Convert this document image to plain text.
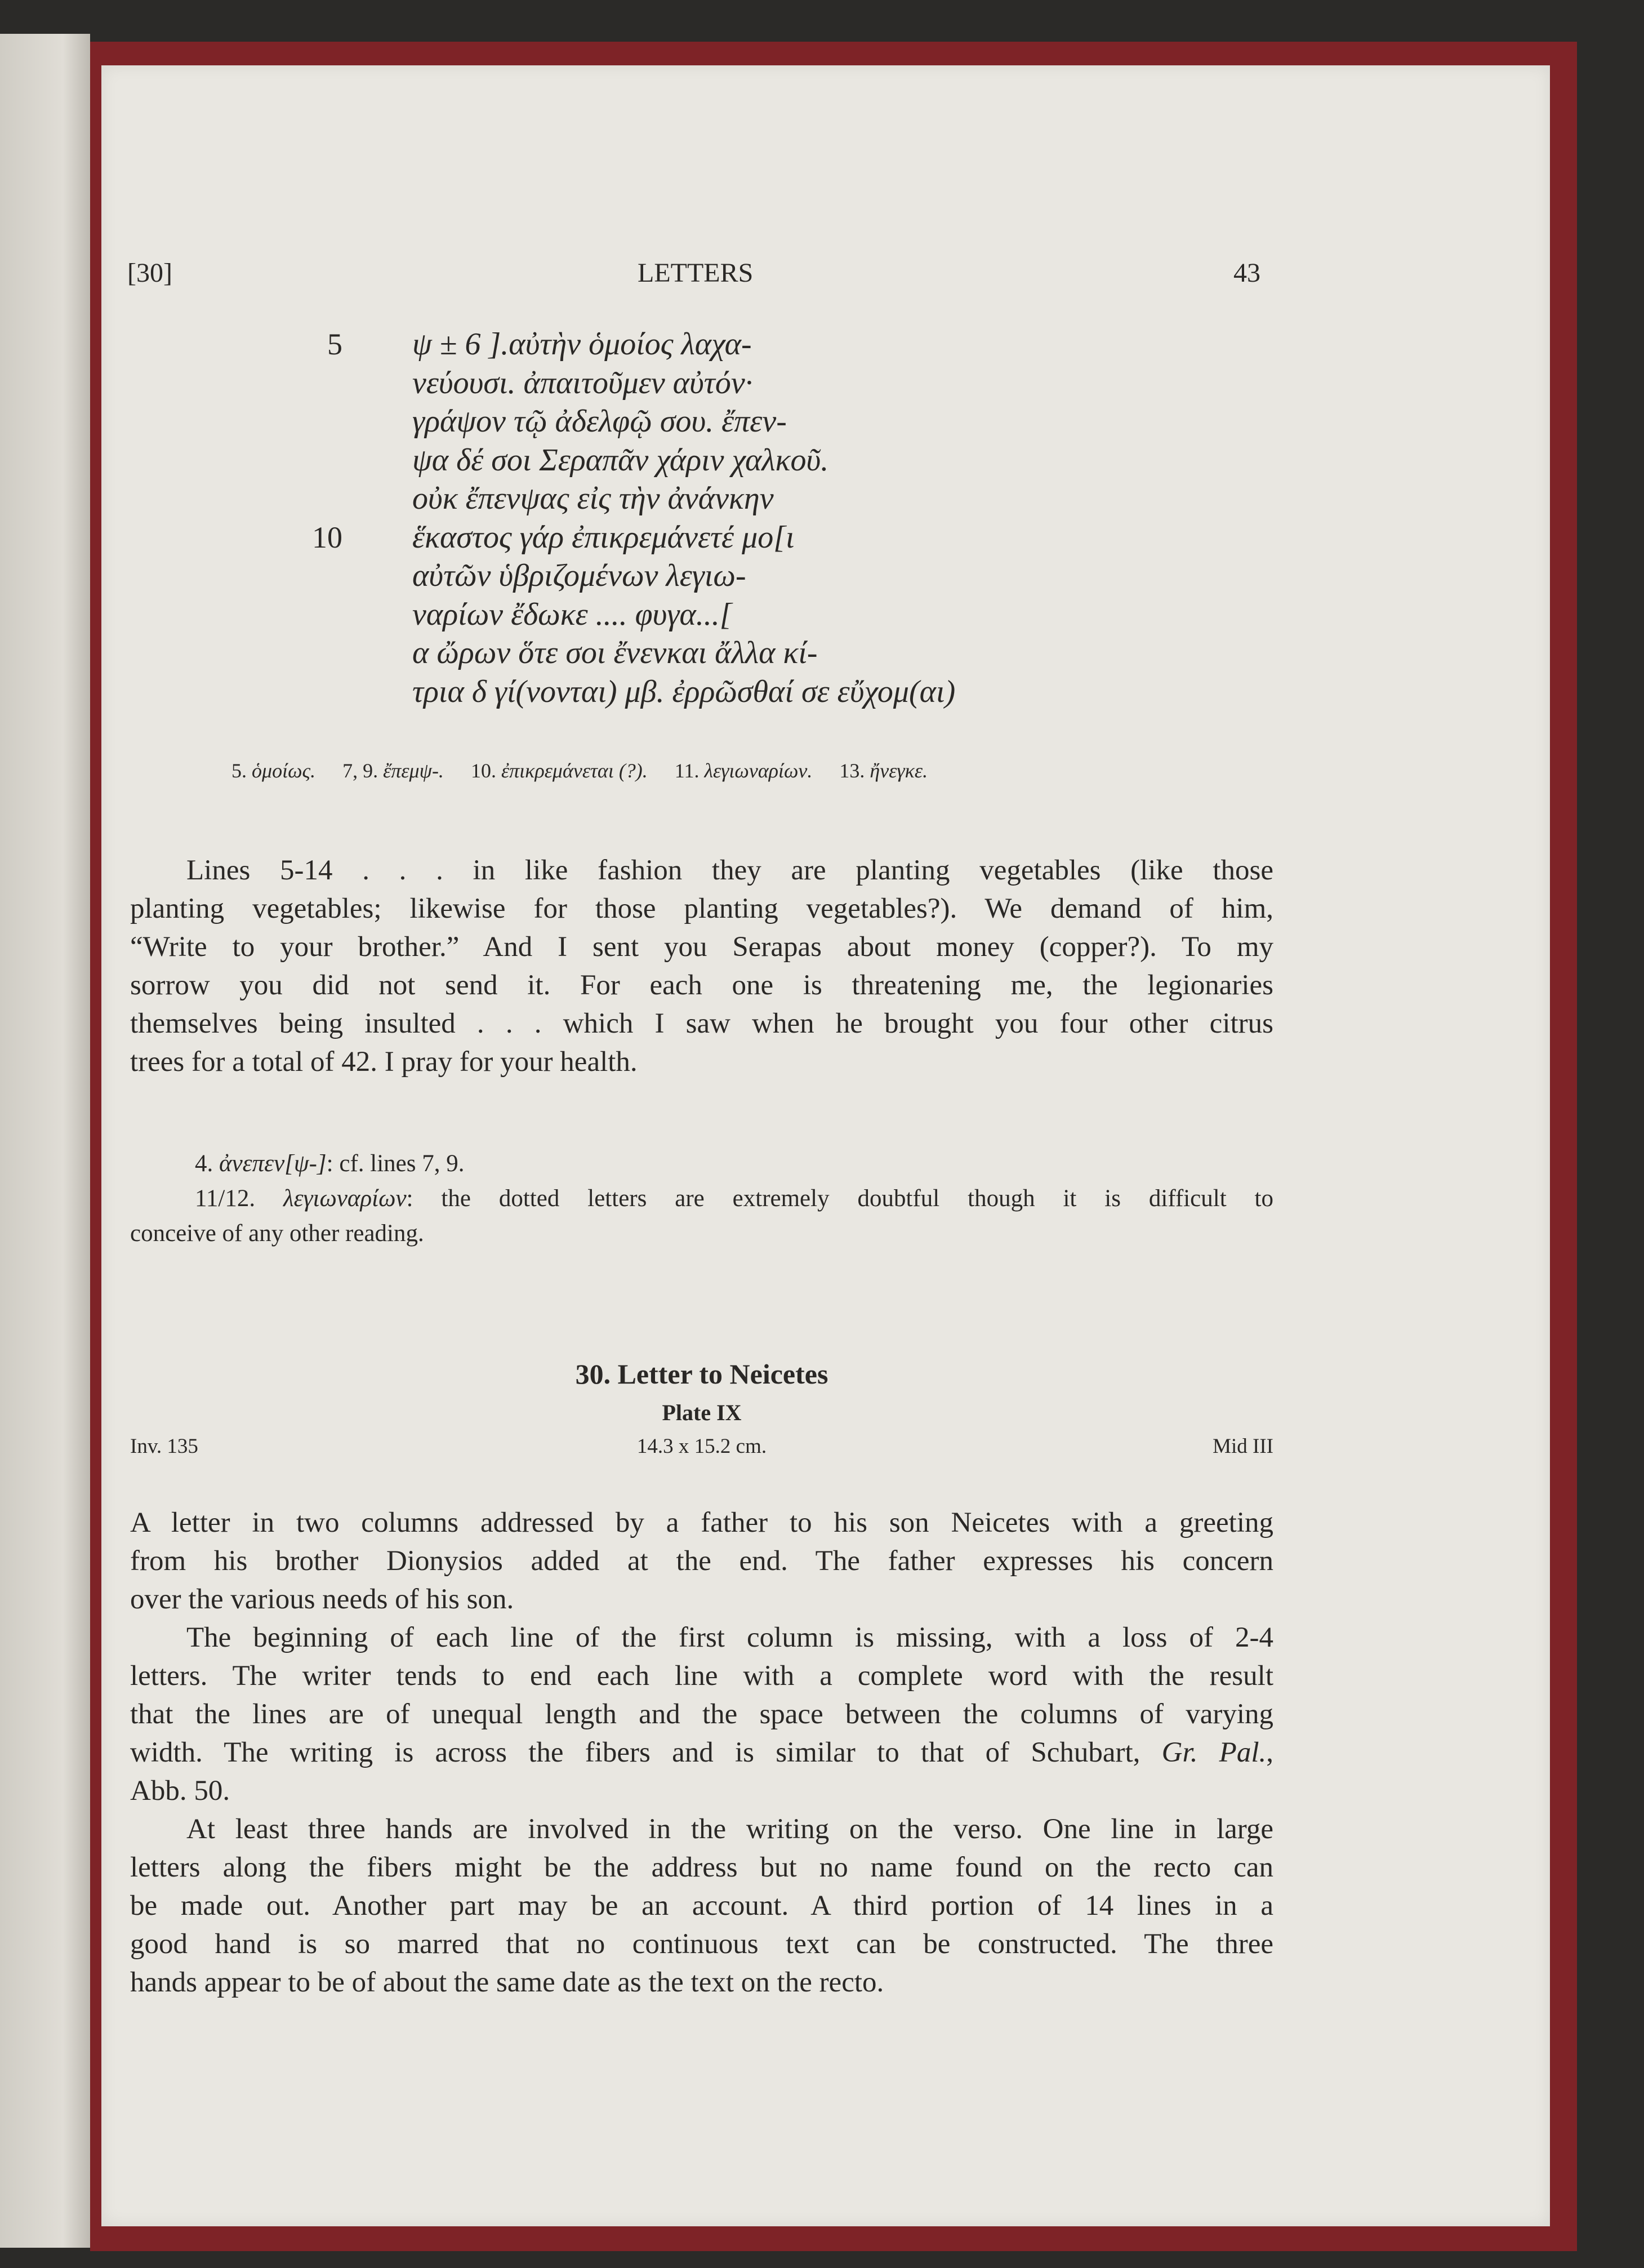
[30]	LETTERS	43
5 ψ ± 6 ].αὐτὴν ὁμοίος λαχα-
νεύουσι. ἀπαιτοῦμεν αὐτόν·
γράψον τῷ ἀδελφῷ σου. ἔπεν-
ψα δέ σοι Σεραπᾶν χάριν χαλκοῦ.
οὐκ ἔπενψας εἰς τὴν ἀνάνκην
10 ἕκαστος γάρ ἐπικρεμάνετέ μο[ι
αὐτῶν ὑβριζομένων λεγιω-
ναρίων ἔδωκε .... φυγα...[
α ὤρων ὅτε σοι ἔνενκαι ἄλλα κί-
τρια δ γί(νονται) μβ. ἐρρῶσθαί σε εὔχομ(αι)
5. ὁμοίως. 7, 9. ἔπεμψ-. 10. ἐπικρεμάνεται (?). 11. λεγιωναρίων. 13. ἤνεγκε.
Lines 5-14 . . . in like fashion they are planting vegetables (like those
planting vegetables; likewise for those planting vegetables?). We demand of him,
“Write to your brother.” And I sent you Serapas about money (copper?). To my
sorrow you did not send it. For each one is threatening me, the legionaries
themselves being insulted . . . which I saw when he brought you four other citrus
trees for a total of 42. I pray for your health.
4. ἀνεπεν[ψ-]: cf. lines 7, 9.
11/12. λεγιωναρίων: the dotted letters are extremely doubtful though it is difficult to
conceive of any other reading.
30. Letter to Neicetes
Plate IX
Inv. 135	14.3 x 15.2 cm.	Mid III
A letter in two columns addressed by a father to his son Neicetes with a greeting
from his brother Dionysios added at the end. The father expresses his concern
over the various needs of his son.
The beginning of each line of the first column is missing, with a loss of 2-4
letters. The writer tends to end each line with a complete word with the result
that the lines are of unequal length and the space between the columns of varying
width. The writing is across the fibers and is similar to that of Schubart, Gr. Pal.,
Abb. 50.
At least three hands are involved in the writing on the verso. One line in large
letters along the fibers might be the address but no name found on the recto can
be made out. Another part may be an account. A third portion of 14 lines in a
good hand is so marred that no continuous text can be constructed. The three
hands appear to be of about the same date as the text on the recto.
